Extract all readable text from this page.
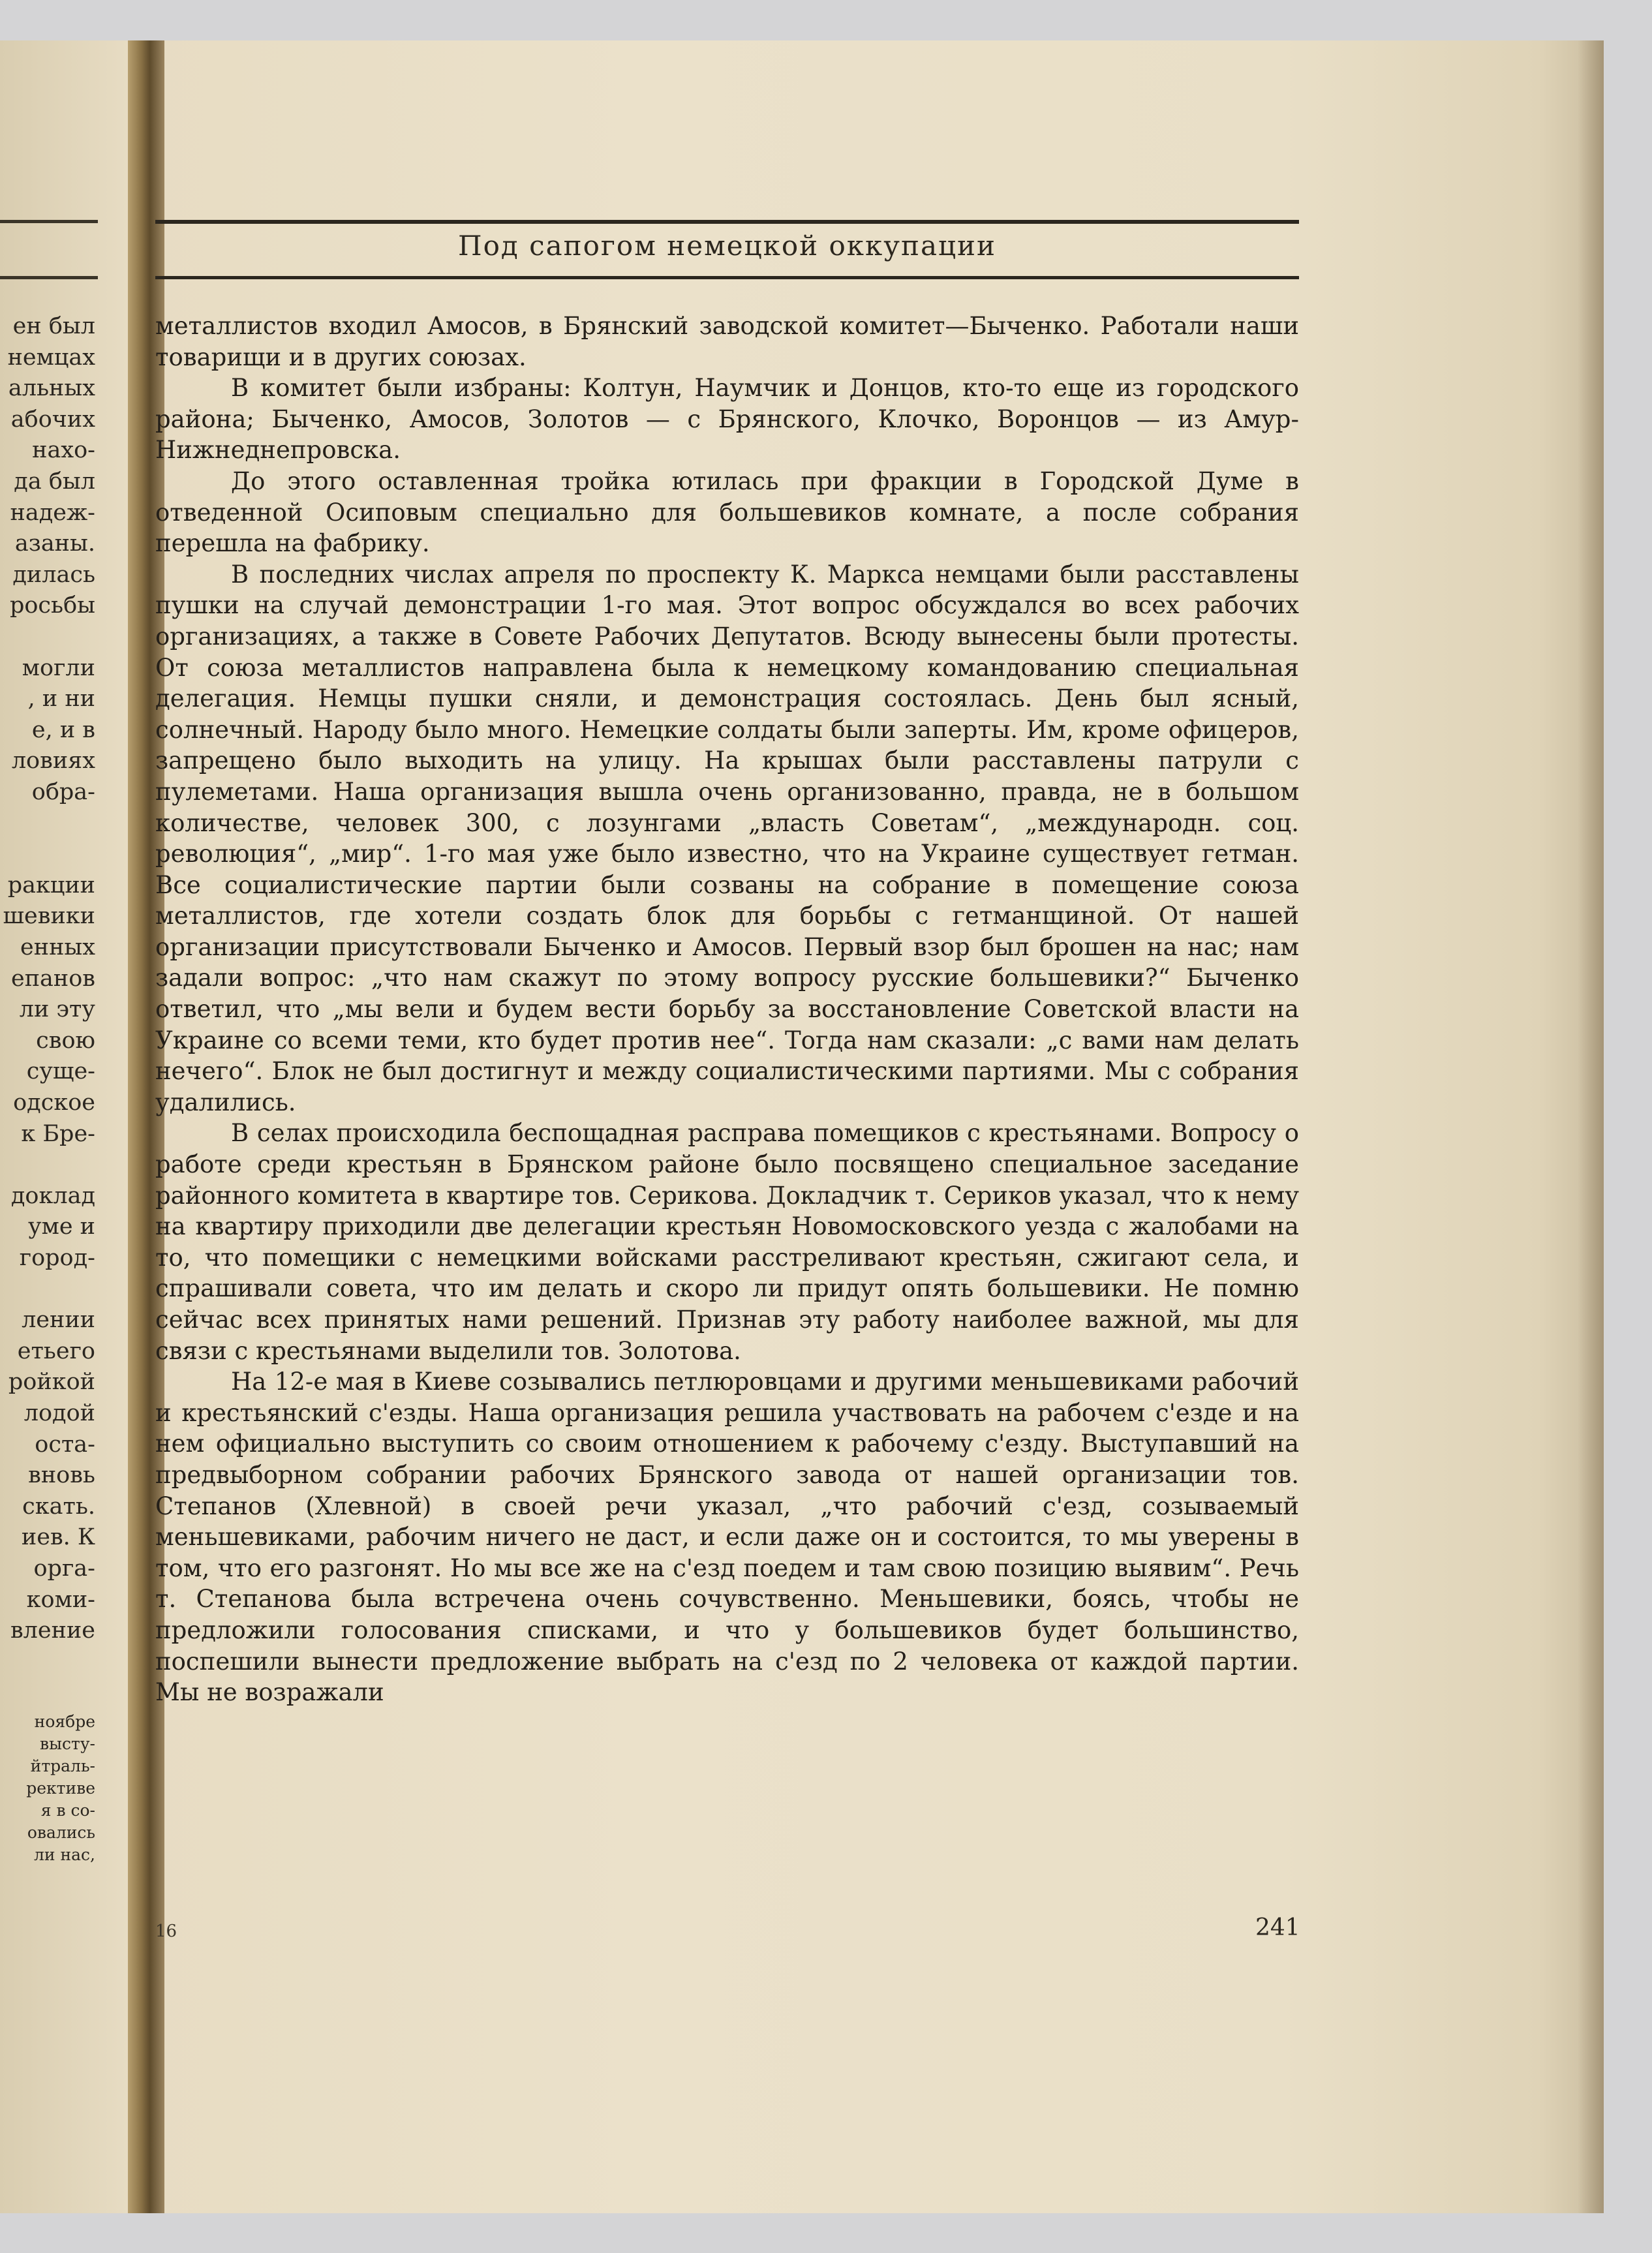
ен был
немцах
альных
абочих
нахо-
да был
надеж-
азаны.
дилась
росьбы
могли
, и ни
е, и в
ловиях
обра-
ракции
шевики
енных
епанов
ли эту
свою
суще-
одское
к Бре-
доклад
уме и
город-
лении
етьего
ройкой
лодой
оста-
вновь
скать.
иев. К
орга-
коми-
вление
ноябре
высту-
йтраль-
рективе
я в со-
овались
ли нас,
Под сапогом немецкой оккупации

металлистов входил Амосов, в Брянский заводской комитет—Быченко. Работали наши товарищи и в других союзах.

В комитет были избраны: Колтун, Наумчик и Донцов, кто-то еще из городского района; Быченко, Амосов, Золотов — с Брянского, Клочко, Воронцов — из Амур-Нижнеднепровска.

До этого оставленная тройка ютилась при фракции в Городской Думе в отведенной Осиповым специально для большевиков комнате, а после собрания перешла на фабрику.

В последних числах апреля по проспекту К. Маркса немцами были расставлены пушки на случай демонстрации 1-го мая. Этот вопрос обсуждался во всех рабочих организациях, а также в Совете Рабочих Депутатов. Всюду вынесены были протесты. От союза металлистов направлена была к немецкому командованию специальная делегация. Немцы пушки сняли, и демонстрация состоялась. День был ясный, солнечный. Народу было много. Немецкие солдаты были заперты. Им, кроме офицеров, запрещено было выходить на улицу. На крышах были расставлены патрули с пулеметами. Наша организация вышла очень организованно, правда, не в большом количестве, человек 300, с лозунгами „власть Советам“, „международн. соц. революция“, „мир“. 1-го мая уже было известно, что на Украине существует гетман. Все социалистические партии были созваны на собрание в помещение союза металлистов, где хотели создать блок для борьбы с гетманщиной. От нашей организации присутствовали Быченко и Амосов. Первый взор был брошен на нас; нам задали вопрос: „что нам скажут по этому вопросу русские большевики?“ Быченко ответил, что „мы вели и будем вести борьбу за восстановление Советской власти на Украине со всеми теми, кто будет против нее“. Тогда нам сказали: „с вами нам делать нечего“. Блок не был достигнут и между социалистическими партиями. Мы с собрания удалились.

В селах происходила беспощадная расправа помещиков с крестьянами. Вопросу о работе среди крестьян в Брянском районе было посвящено специальное заседание районного комитета в квартире тов. Серикова. Докладчик т. Сериков указал, что к нему на квартиру приходили две делегации крестьян Новомосковского уезда с жалобами на то, что помещики с немецкими войсками расстреливают крестьян, сжигают села, и спрашивали совета, что им делать и скоро ли придут опять большевики. Не помню сейчас всех принятых нами решений. Признав эту работу наиболее важной, мы для связи с крестьянами выделили тов. Золотова.

На 12-е мая в Киеве созывались петлюровцами и другими меньшевиками рабочий и крестьянский с'езды. Наша организация решила участвовать на рабочем с'езде и на нем официально выступить со своим отношением к рабочему с'езду. Выступавший на предвыборном собрании рабочих Брянского завода от нашей организации тов. Степанов (Хлевной) в своей речи указал, „что рабочий с'езд, созываемый меньшевиками, рабочим ничего не даст, и если даже он и состоится, то мы уверены в том, что его разгонят. Но мы все же на с'езд поедем и там свою позицию выявим“. Речь т. Степанова была встречена очень сочувственно. Меньшевики, боясь, чтобы не предложили голосования списками, и что у большевиков будет большинство, поспешили вынести предложение выбрать на с'езд по 2 человека от каждой партии. Мы не возражали

16	241
